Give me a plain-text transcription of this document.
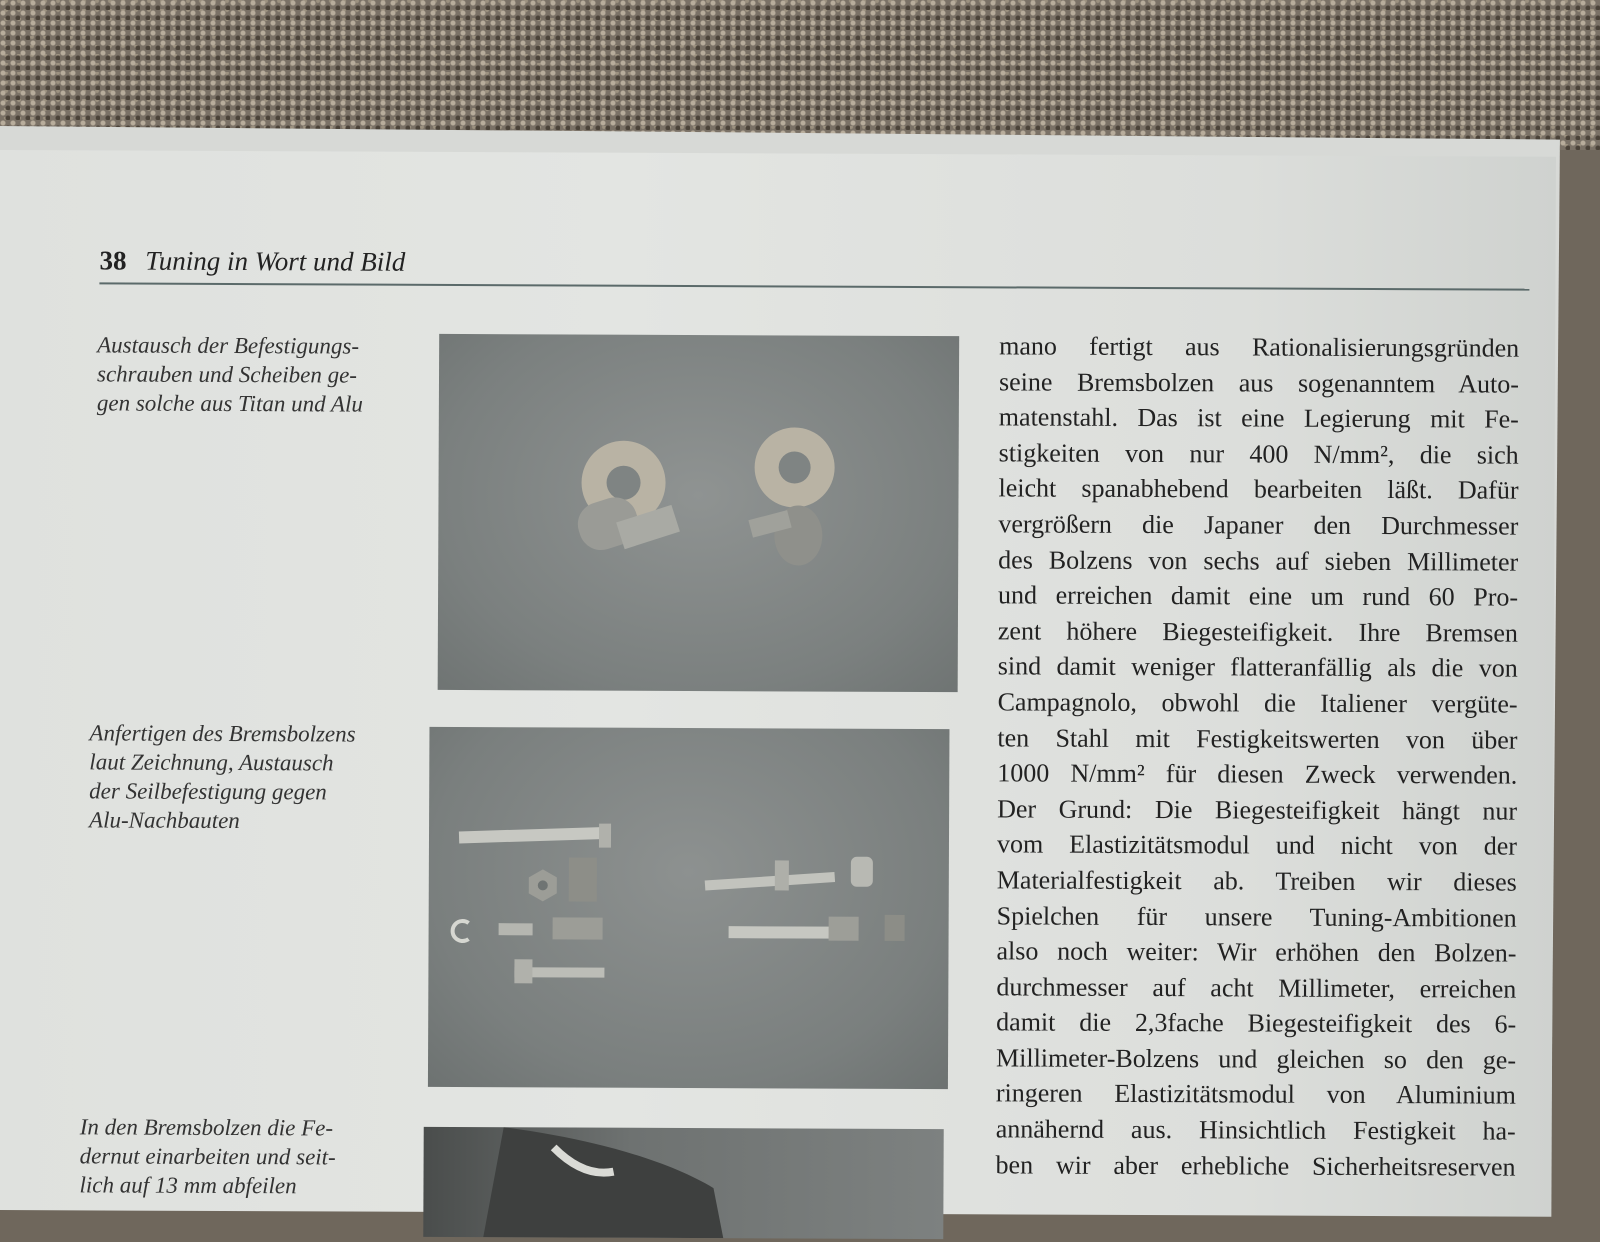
38 Tuning in Wort und Bild
Austausch der Befestigungs-
schrauben und Scheiben ge-
gen solche aus Titan und Alu
Anfertigen des Bremsbolzens
laut Zeichnung, Austausch
der Seilbefestigung gegen
Alu-Nachbauten
In den Bremsbolzen die Fe-
dernut einarbeiten und seit-
lich auf 13 mm abfeilen
mano fertigt aus Rationalisierungsgründen
seine Bremsbolzen aus sogenanntem Auto-
matenstahl. Das ist eine Legierung mit Fe-
stigkeiten von nur 400 N/mm², die sich
leicht spanabhebend bearbeiten läßt. Dafür
vergrößern die Japaner den Durchmesser
des Bolzens von sechs auf sieben Millimeter
und erreichen damit eine um rund 60 Pro-
zent höhere Biegesteifigkeit. Ihre Bremsen
sind damit weniger flatteranfällig als die von
Campagnolo, obwohl die Italiener vergüte-
ten Stahl mit Festigkeitswerten von über
1000 N/mm² für diesen Zweck verwenden.
Der Grund: Die Biegesteifigkeit hängt nur
vom Elastizitätsmodul und nicht von der
Materialfestigkeit ab. Treiben wir dieses
Spielchen für unsere Tuning-Ambitionen
also noch weiter: Wir erhöhen den Bolzen-
durchmesser auf acht Millimeter, erreichen
damit die 2,3fache Biegesteifigkeit des 6-
Millimeter-Bolzens und gleichen so den ge-
ringeren Elastizitätsmodul von Aluminium
annähernd aus. Hinsichtlich Festigkeit ha-
ben wir aber erhebliche Sicherheitsreserven
